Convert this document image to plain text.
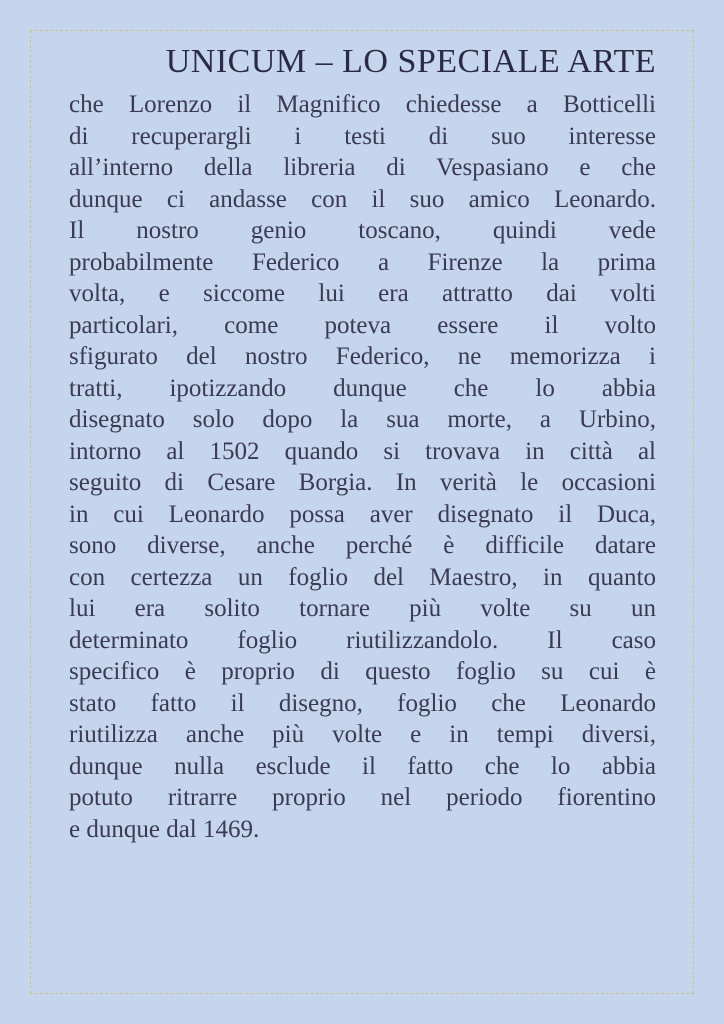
UNICUM – LO SPECIALE ARTE
che Lorenzo il Magnifico chiedesse a Botticelli
di recuperargli i testi di suo interesse
all’interno della libreria di Vespasiano e che
dunque ci andasse con il suo amico Leonardo.
Il nostro genio toscano, quindi vede
probabilmente Federico a Firenze la prima
volta, e siccome lui era attratto dai volti
particolari, come poteva essere il volto
sfigurato del nostro Federico, ne memorizza i
tratti, ipotizzando dunque che lo abbia
disegnato solo dopo la sua morte, a Urbino,
intorno al 1502 quando si trovava in città al
seguito di Cesare Borgia. In verità le occasioni
in cui Leonardo possa aver disegnato il Duca,
sono diverse, anche perché è difficile datare
con certezza un foglio del Maestro, in quanto
lui era solito tornare più volte su un
determinato foglio riutilizzandolo. Il caso
specifico è proprio di questo foglio su cui è
stato fatto il disegno, foglio che Leonardo
riutilizza anche più volte e in tempi diversi,
dunque nulla esclude il fatto che lo abbia
potuto ritrarre proprio nel periodo fiorentino
e dunque dal 1469.
